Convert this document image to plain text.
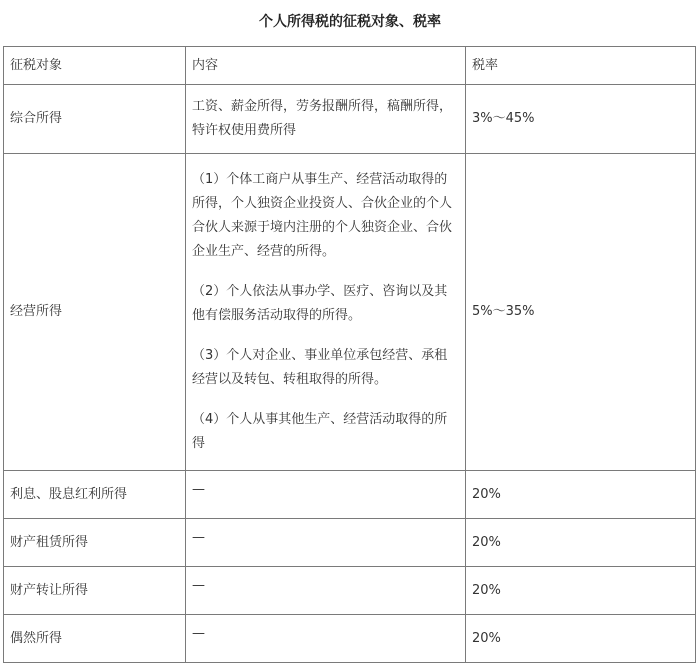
个人所得税的征税对象、税率
征税对象	内容	税率
综合所得	工资、薪金所得，劳务报酬所得，稿酬所得，特许权使用费所得	3%～45%
经营所得	（1）个体工商户从事生产、经营活动取得的所得，个人独资企业投资人、合伙企业的个人合伙人来源于境内注册的个人独资企业、合伙企业生产、经营的所得。

（2）个人依法从事办学、医疗、咨询以及其他有偿服务活动取得的所得。

（3）个人对企业、事业单位承包经营、承租经营以及转包、转租取得的所得。

（4）个人从事其他生产、经营活动取得的所得	5%～35%
利息、股息红利所得	—	20%
财产租赁所得	—	20%
财产转让所得	—	20%
偶然所得	—	20%
